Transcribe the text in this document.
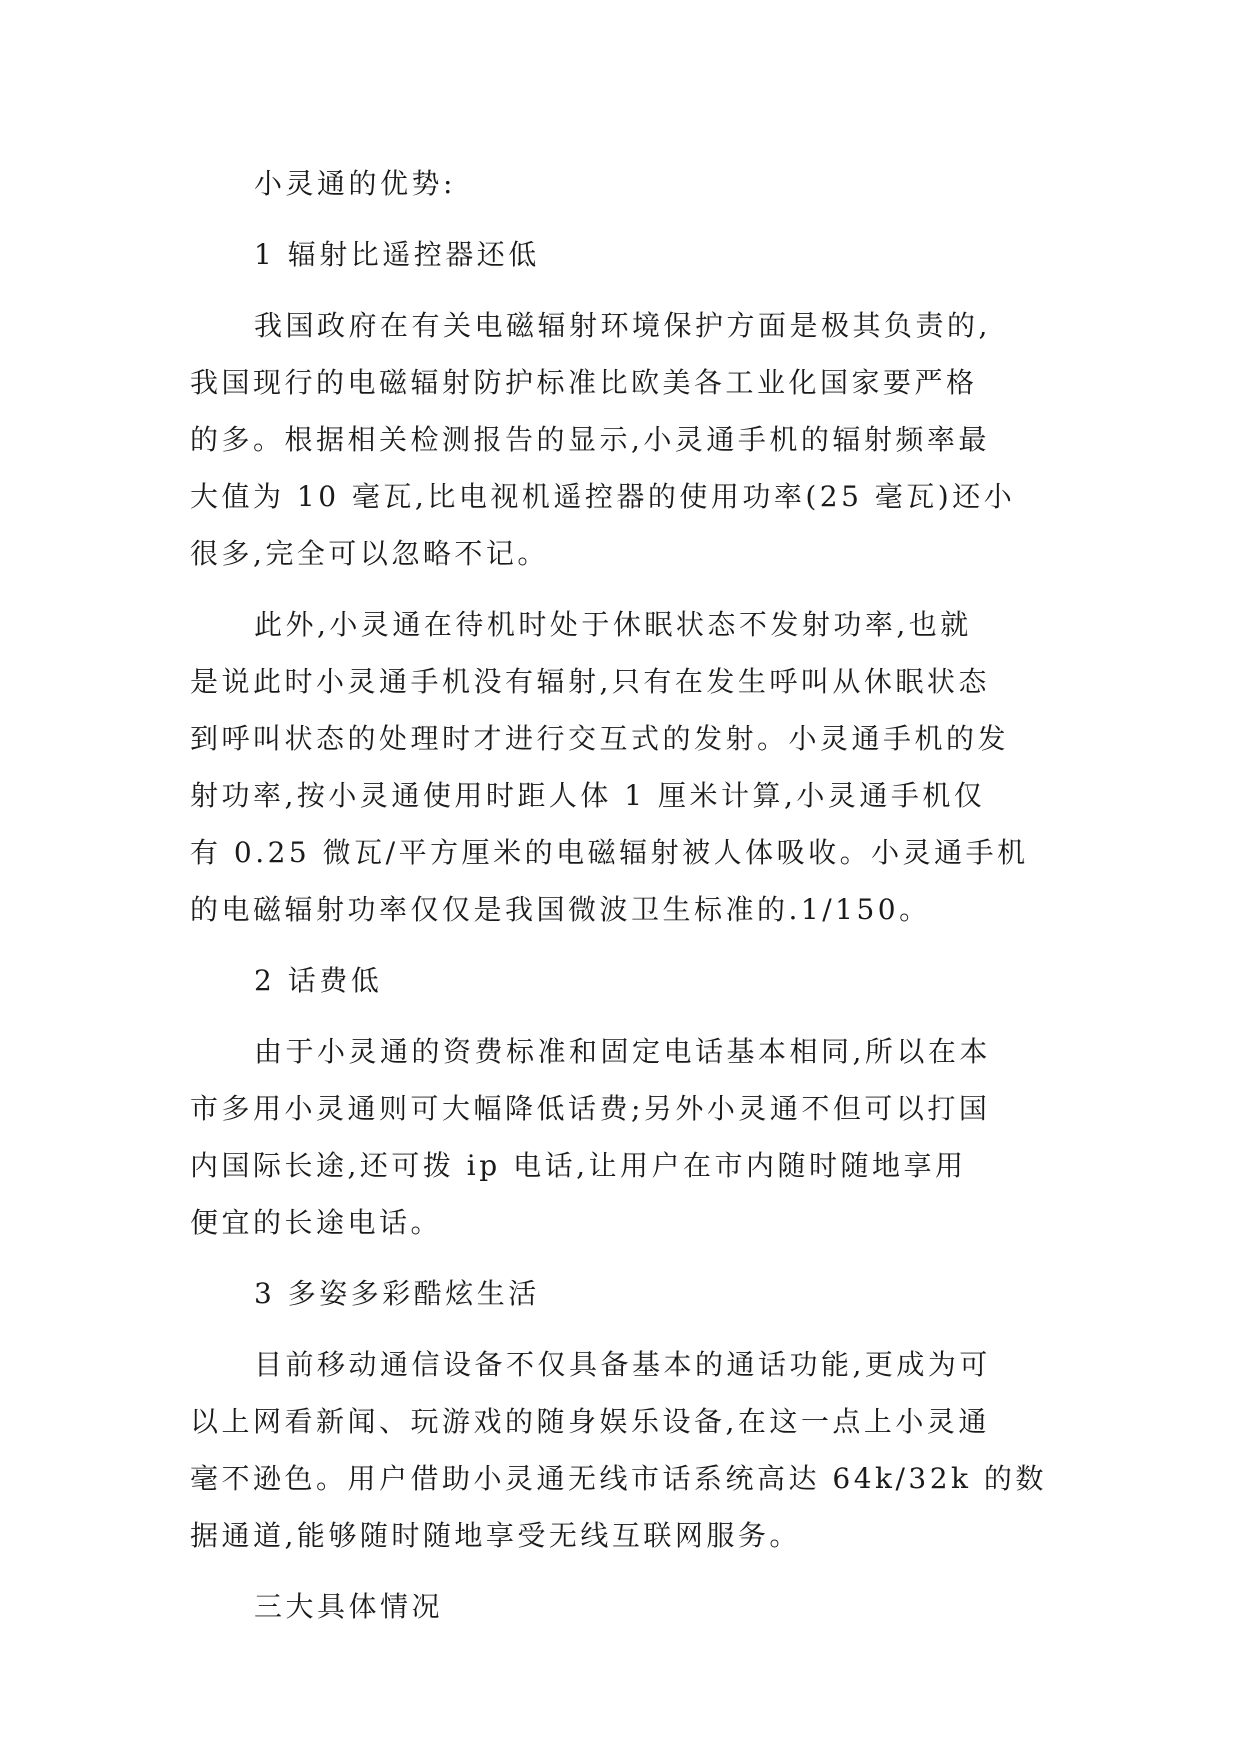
小灵通的优势:
1 辐射比遥控器还低
我国政府在有关电磁辐射环境保护方面是极其负责的,
我国现行的电磁辐射防护标准比欧美各工业化国家要严格
的多。根据相关检测报告的显示,小灵通手机的辐射频率最
大值为 10 毫瓦,比电视机遥控器的使用功率(25 毫瓦)还小
很多,完全可以忽略不记。
此外,小灵通在待机时处于休眠状态不发射功率,也就
是说此时小灵通手机没有辐射,只有在发生呼叫从休眠状态
到呼叫状态的处理时才进行交互式的发射。小灵通手机的发
射功率,按小灵通使用时距人体 1 厘米计算,小灵通手机仅
有 0.25 微瓦/平方厘米的电磁辐射被人体吸收。小灵通手机
的电磁辐射功率仅仅是我国微波卫生标准的.1/150。
2 话费低
由于小灵通的资费标准和固定电话基本相同,所以在本
市多用小灵通则可大幅降低话费;另外小灵通不但可以打国
内国际长途,还可拨 ip 电话,让用户在市内随时随地享用
便宜的长途电话。
3 多姿多彩酷炫生活
目前移动通信设备不仅具备基本的通话功能,更成为可
以上网看新闻、玩游戏的随身娱乐设备,在这一点上小灵通
毫不逊色。用户借助小灵通无线市话系统高达 64k/32k 的数
据通道,能够随时随地享受无线互联网服务。
三大具体情况
